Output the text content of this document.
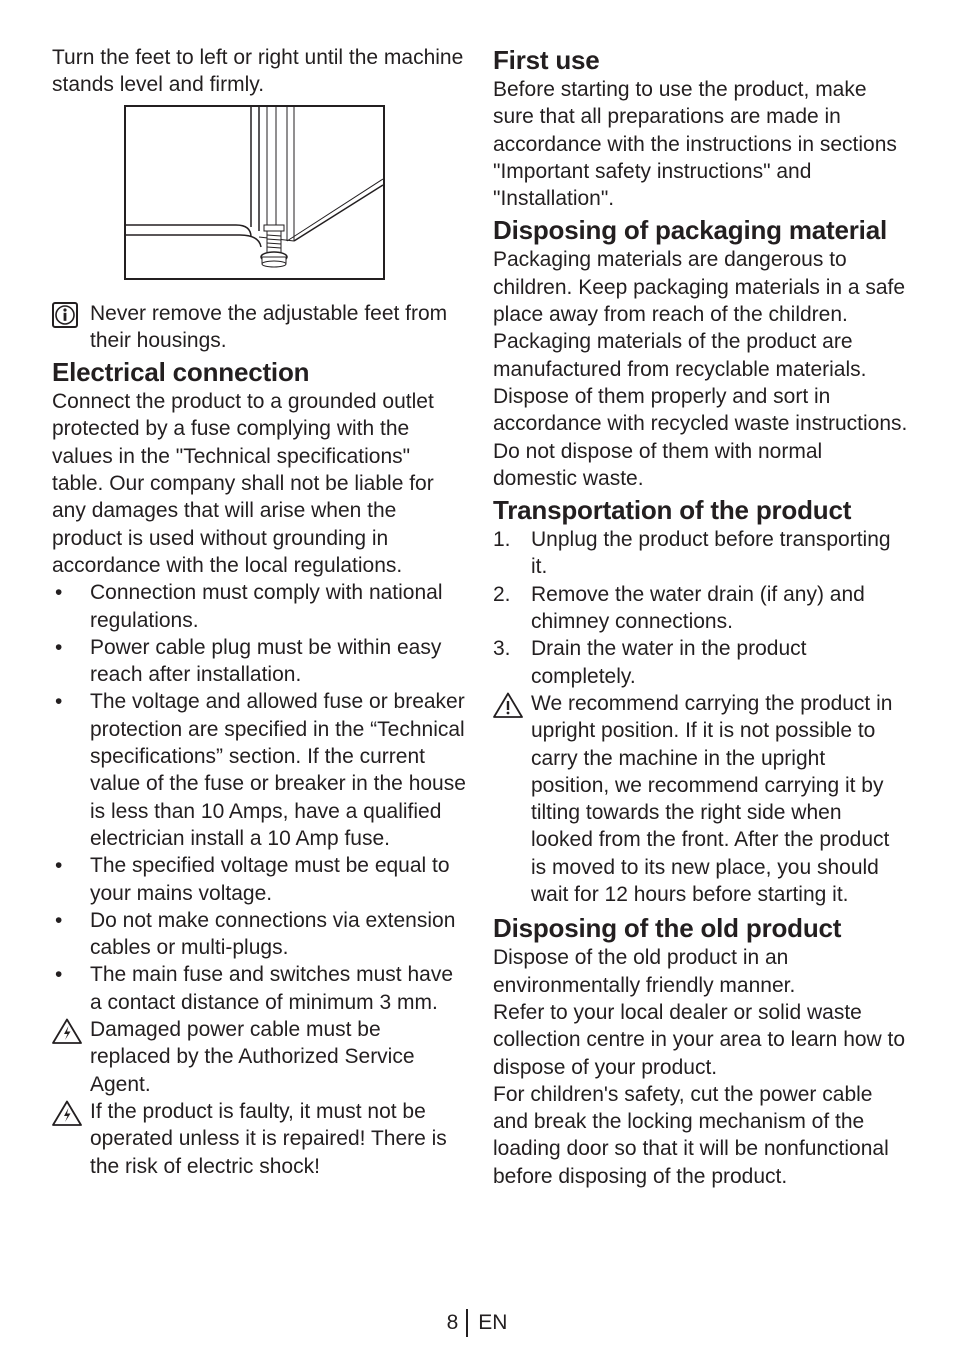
Turn the feet to left or right until the machine stands level and firmly.

Never remove the adjustable feet from their housings.

Electrical connection

Connect the product to a grounded outlet protected by a fuse complying with the values in the "Technical specifications" table. Our company shall not be liable for any damages that will arise when the product is used without grounding in accordance with the local regulations.

• Connection must comply with national regulations.
• Power cable plug must be within easy reach after installation.
• The voltage and allowed fuse or breaker protection are specified in the “Technical specifications” section. If the current value of the fuse or breaker in the house is less than 10 Amps, have a qualified electrician install a 10 Amp fuse.
• The specified voltage must be equal to your mains voltage.
• Do not make connections via extension cables or multi-plugs.
• The main fuse and switches must have a contact distance of minimum 3 mm.

Damaged power cable must be replaced by the Authorized Service Agent.

If the product is faulty, it must not be operated unless it is repaired! There is the risk of electric shock!

First use

Before starting to use the product, make sure that all preparations are made in accordance with the instructions in sections "Important safety instructions" and "Installation".

Disposing of packaging material

Packaging materials are dangerous to children. Keep packaging materials in a safe place away from reach of the children.

Packaging materials of the product are manufactured from recyclable materials. Dispose of them properly and sort in accordance with recycled waste instructions. Do not dispose of them with normal domestic waste.

Transportation of the product
1. Unplug the product before transporting it.
2. Remove the water drain (if any) and chimney connections.
3. Drain the water in the product completely.

We recommend carrying the product in upright position. If it is not possible to carry the machine in the upright position, we recommend carrying it by tilting towards the right side when looked from the front. After the product is moved to its new place, you should wait for 12 hours before starting it.

Disposing of the old product

Dispose of the old product in an environmentally friendly manner.

Refer to your local dealer or solid waste collection centre in your area to learn how to dispose of your product.

For children's safety, cut the power cable and break the locking mechanism of the loading door so that it will be nonfunctional before disposing of the product.

8 EN
